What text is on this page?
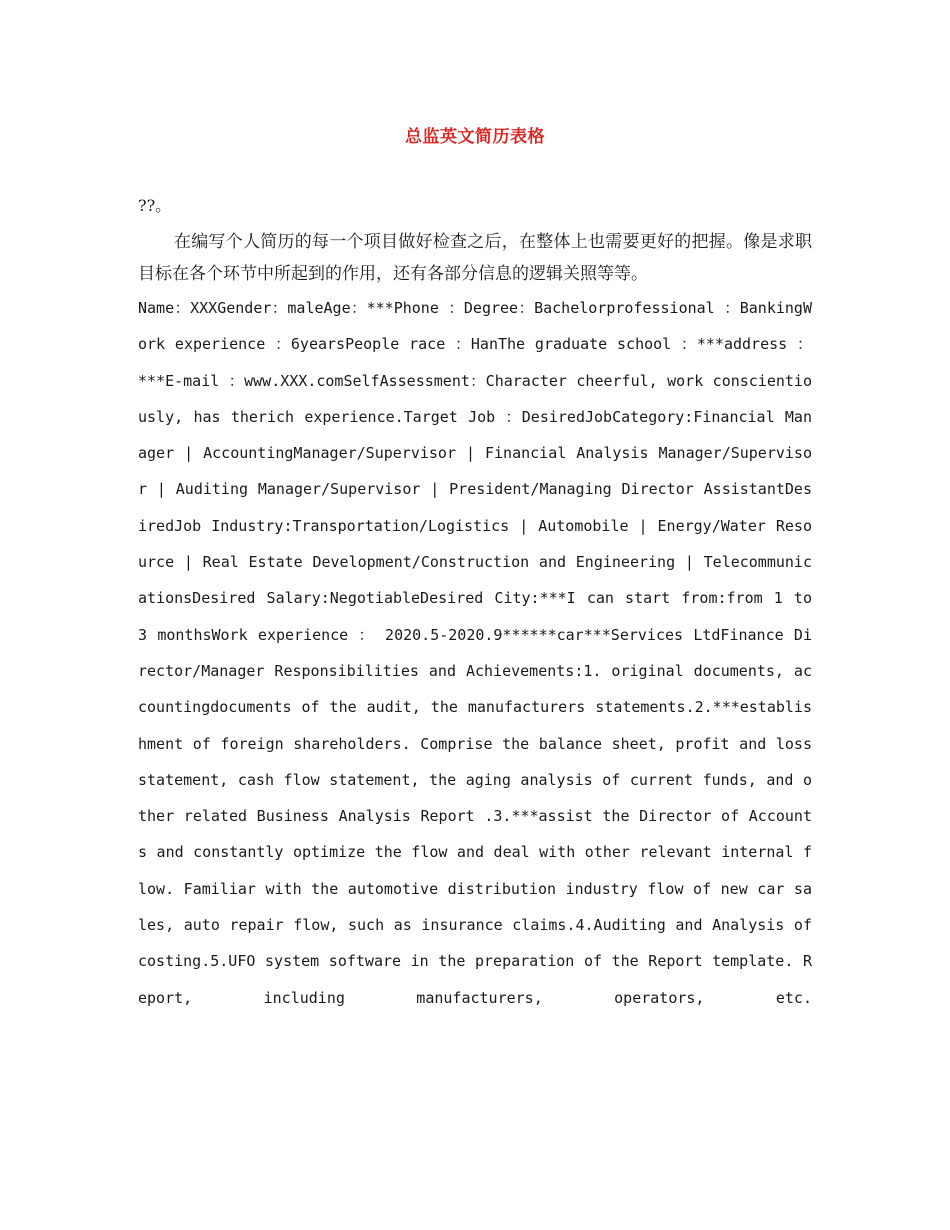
总监英文简历表格
??。

在编写个人简历的每一个项目做好检查之后，在整体上也需要更好的把握。像是求职目标在各个环节中所起到的作用，还有各部分信息的逻辑关照等等。

Name：XXXGender：maleAge：***Phone ：Degree：Bachelorprofessional ：BankingWork experience ：6yearsPeople race ：HanThe graduate school ：***address ：***E-mail ：www.XXX.comSelfAssessment：Character cheerful, work conscientiously, has therich experience.Target Job ：DesiredJobCategory:Financial Manager | AccountingManager/Supervisor | Financial Analysis Manager/Supervisor | Auditing Manager/Supervisor | President/Managing Director AssistantDesiredJob Industry:Transportation/Logistics | Automobile | Energy/Water Resource | Real Estate Development/Construction and Engineering | TelecommunicationsDesired Salary:NegotiableDesired City:***I can start from:from 1 to 3 monthsWork experience ： 2020.5-2020.9******car***Services LtdFinance Director/Manager Responsibilities and Achievements:1. original documents, accountingdocuments of the audit, the manufacturers statements.2.***establishment of foreign shareholders. Comprise the balance sheet, profit and loss statement, cash flow statement, the aging analysis of current funds, and other related Business Analysis Report .3.***assist the Director of Accounts and constantly optimize the flow and deal with other relevant internal flow. Familiar with the automotive distribution industry flow of new car sales, auto repair flow, such as insurance claims.4.Auditing and Analysis of costing.5.UFO system software in the preparation of the Report template. Report, including manufacturers, operators, etc.
